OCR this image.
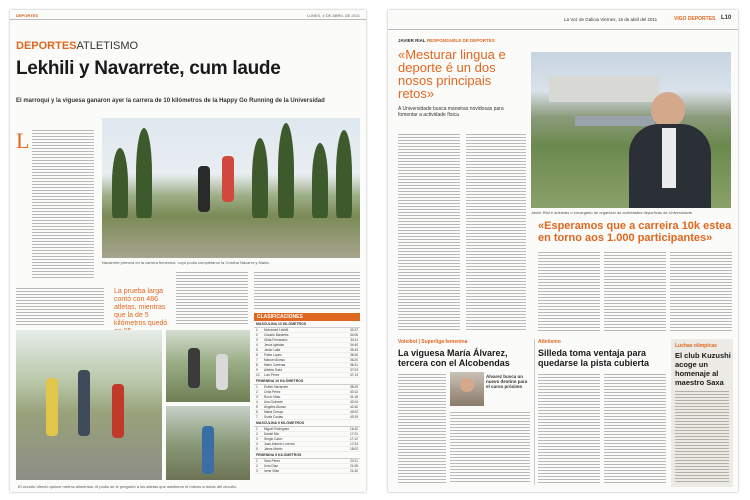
DEPORTES	LUNES, 4 DE ABRIL DE 2011
DEPORTESATLETISMO
Lekhili y Navarrete, cum laude
El marroquí y la viguesa ganaron ayer la carrera de 10 kilómetros de la Happy Go Running de la Universidad
L
Navarrete primera en la carrera femenina, cuyo podio completaron la Cristina Navarro y Maria.
La prueba larga contó con 486 atletas, mientras que la de 5 kilómetros quedó
CLASIFICACIONES
MASCULINA 10 KILÓMETROS
1	Mohamed Lekhili	33:37
2	Claudio Bandeira	34:06
3	Gilda Fernández	34:11
4	Jesús Iglesias	34:40
5	Javier Laila	35:43
6	Pablo López	36:06
7	Manuel Alonso	36:20
8	Mario Carreras	36:31
9	Alberto Saéz	37:03
10	Luís Pérez	37:13
FEMENINA 10 KILÓMETROS
1	Esther Navarrete	38:29
2	Celia Pérez	40:12
3	Rocío Mato	41:18
4	Ana Guinarte	42:04
5	Ángeles Alonso	42:40
6	Marta Crespo	43:02
7	Sonia Costas	43:19
MASCULINA 5 KILÓMETROS
1	Miguel Rodríguez	16:42
2	Daniel Mio	17:01
3	Sergio Calvo	17:12
4	Juan Antonio Lorenzo	17:24
5	Jaime Martín	18:02
FEMENINA 5 KILÓMETROS
1	Sara Pérez	20:11
2	Uxía Díaz	21:05
3	Irene Vilas	21:40
El circuito ofreció quince metros alimentos, el podio se le preguntó a los atletas que asistieron el mismo a fondo del circuito.
La Voz de Galicia Viernes, 15 de abril del 2011	VIGO DEPORTES L10
JAVIER RIAL RESPONSABLE DE DEPORTES
«Mesturar lingua e deporte é un dos nosos principais retos»
A Universidade busca maneiras novidosas para fomentar a actividade física
Javier Rial é ademais o encargado de organizar as actividades deportivas da Universidade.
«Esperamos que a carreira 10k estea en torno aos 1.000 participantes»
Voleibol | Superliga femenina
La viguesa María Álvarez, tercera con el Alcobendas
Álvarez busca un nuevo destino para el curso próximo
Atletismo
Silleda toma ventaja para quedarse la pista cubierta
Luchas olímpicas
El club Kuzushi acoge un homenaje al maestro Saxa
